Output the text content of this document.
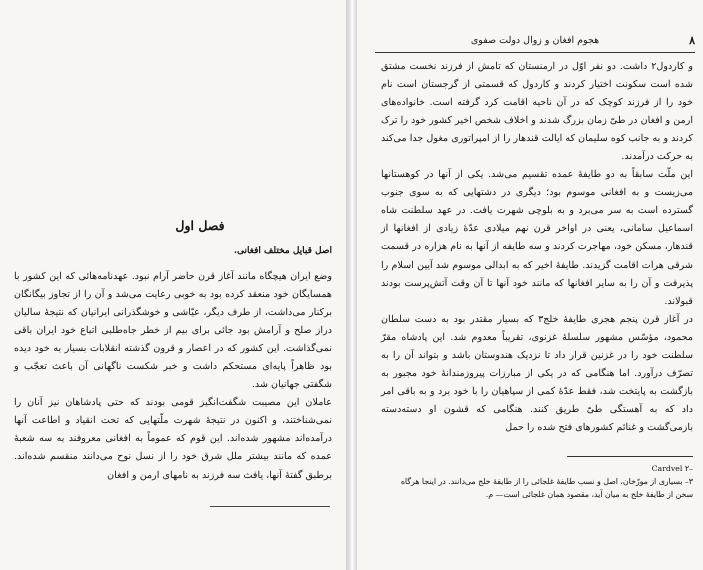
فصل اول
اصل قبایل مختلف افغانی.

وضع ایران هیچگاه مانند آغاز قرن حاضر آرام نبود. عهدنامه‌هائی که این کشور با همسایگان خود منعقد کرده بود به خوبی رعایت می‌شد و آن را از تجاوز بیگانگان برکنار می‌داشت، از طرف دیگر، عیّاشی و خوشگذرانی ایرانیان که نتیجهٔ سالیان دراز صلح و آرامش بود جائی برای بیم از خطر جاه‌طلبی اتباع خود ایران باقی نمی‌گذاشت. این کشور که در اعصار و قرون گذشته انقلابات بسیار به خود دیده بود ظاهراً پایه‌ای مستحکم داشت و خبر شکست ناگهانی آن باعث تعجّب و شگفتی جهانیان شد.

عاملان این مصیبت شگفت‌انگیز قومی بودند که حتی پادشاهان نیز آنان را نمی‌شناختند، و اکنون در نتیجهٔ شهرت ملّتهایی که تحت انقیاد و اطاعت آنها درآمده‌اند مشهور شده‌اند. این قوم که عموماً به افغانی معروفند به سه شعبهٔ عمده که مانند بیشتر ملل شرق خود را از نسل نوح می‌دانند منقسم شده‌اند. برطبق گفتهٔ آنها، یافث سه فرزند به نامهای ارمن و افغان

۸
هجوم افغان و زوال دولت صفوی

و کاردول۲ داشت. دو نفر اوّل در ارمنستان که تامش از فرزند نخست مشتق شده است سکونت اختیار کردند و کاردول که قسمتی از گرجستان است نام خود را از فرزند کوچک که در آن ناحیه اقامت کرد گرفته است. خانواده‌های ارمن و افغان در طیّ زمان بزرگ شدند و اخلاف شخص اخیر کشور خود را ترک کردند و به جانب کوه سلیمان که ایالت قندهار را از امپراتوری مغول جدا می‌کند به حرکت درآمدند.

این ملّت سابقاً به دو طایفهٔ عمده تقسیم می‌شد. یکی از آنها در کوهستانها می‌زیست و به افغانی موسوم بود؛ دیگری در دشتهایی که به سوی جنوب گسترده است به سر می‌برد و به بلوچی شهرت یافت. در عهد سلطنت شاه اسماعیل سامانی، یعنی در اواخر قرن نهم میلادی عدّهٔ زیادی از افغانها از قندهار، مسکن خود، مهاجرت کردند و سه طایفه از آنها به نام هزاره در قسمت شرقی هرات اقامت گزیدند. طایفهٔ اخیر که به ابدالی موسوم شد آیین اسلام را پذیرفت و آن را به سایر افغانها که مانند خود آنها تا آن وقت آتش‌پرست بودند قبولاند.

در آغاز قرن پنجم هجری طایفهٔ خلج۳ که بسیار مقتدر بود به دست سلطان محمود، مؤسّس مشهور سلسلهٔ غزنوی، تقریباً معدوم شد. این پادشاه مقرّ سلطنت خود را در غزنین قرار داد تا نزدیک هندوستان باشد و بتواند آن را به تصرّف درآورد. اما هنگامی که در یکی از مبارزات پیروزمندانهٔ خود مجبور به بازگشت به پایتخت شد، فقط عدّهٔ کمی از سپاهیان را با خود برد و به باقی امر داد که به آهستگی طیّ طریق کنند. هنگامی که قشون او دسته‌دسته بازمی‌گشت و غنائم کشورهای فتح شده را حمل

Cardvel ۲–
۳– بسیاری از مورّخان، اصل و نسب طایفهٔ غلجائی را از طایفهٔ خلج می‌دانند. در اینجا هرگاه سخن از طایفهٔ خلج به میان آید، مقصود همان غلجائی است— م.
